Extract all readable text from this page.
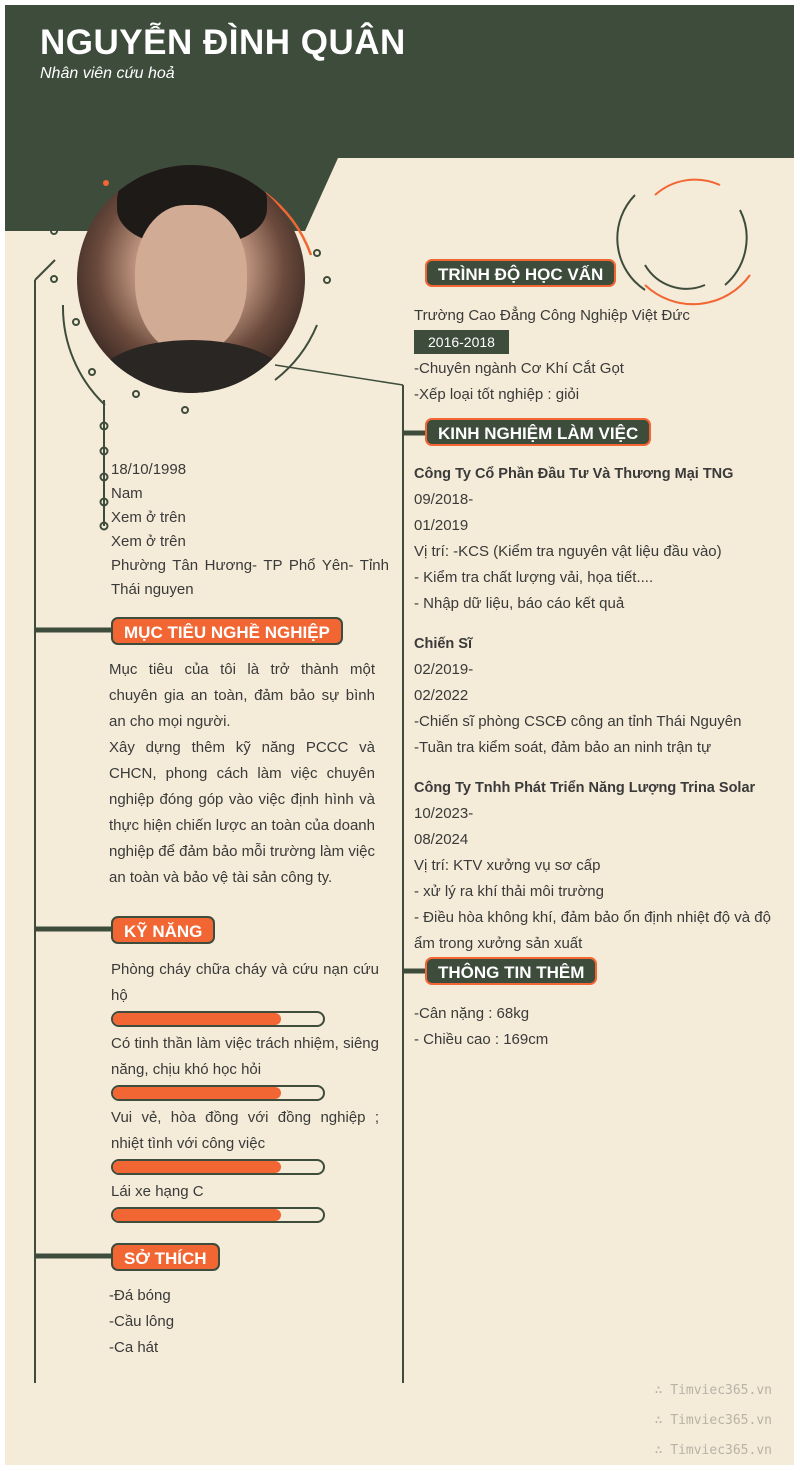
NGUYỄN ĐÌNH QUÂN
Nhân viên cứu hoả
18/10/1998
Nam
Xem ở trên
Xem ở trên
Phường Tân Hương- TP Phổ Yên- Tỉnh Thái nguyen
MỤC TIÊU NGHỀ NGHIỆP
Mục tiêu của tôi là trở thành một chuyên gia an toàn, đảm bảo sự bình an cho mọi người.
Xây dựng thêm kỹ năng PCCC và CHCN, phong cách làm việc chuyên nghiệp đóng góp vào việc định hình và thực hiện chiến lược an toàn của doanh nghiệp để đảm bảo mỗi trường làm việc an toàn và bảo vệ tài sản công ty.
KỸ NĂNG
Phòng cháy chữa cháy và cứu nạn cứu hộ
Có tinh thần làm việc trách nhiệm, siêng năng, chịu khó học hỏi
Vui vẻ, hòa đồng với đồng nghiệp ; nhiệt tình với công việc
Lái xe hạng C
SỞ THÍCH
-Đá bóng
-Cầu lông
-Ca hát
TRÌNH ĐỘ HỌC VẤN
Trường Cao Đẳng Công Nghiệp Việt Đức
2016-2018
-Chuyên ngành Cơ Khí Cắt Gọt
-Xếp loại tốt nghiệp : giỏi
KINH NGHIỆM LÀM VIỆC
Công Ty Cổ Phần Đầu Tư Và Thương Mại TNG
09/2018-
01/2019
Vị trí: -KCS (Kiểm tra nguyên vật liệu đầu vào)
- Kiểm tra chất lượng vải, họa tiết....
- Nhập dữ liệu, báo cáo kết quả
Chiến Sĩ
02/2019-
02/2022
-Chiến sĩ phòng CSCĐ công an tỉnh Thái Nguyên
-Tuần tra kiểm soát, đảm bảo an ninh trận tự
Công Ty Tnhh Phát Triển Năng Lượng Trina Solar
10/2023-
08/2024
Vị trí: KTV xưởng vụ sơ cấp
- xử lý ra khí thải môi trường
- Điều hòa không khí, đảm bảo ổn định nhiệt độ và độ ẩm trong xưởng sản xuất
THÔNG TIN THÊM
-Cân nặng : 68kg
- Chiều cao : 169cm
∴ Timviec365.vn
∴ Timviec365.vn
∴ Timviec365.vn
